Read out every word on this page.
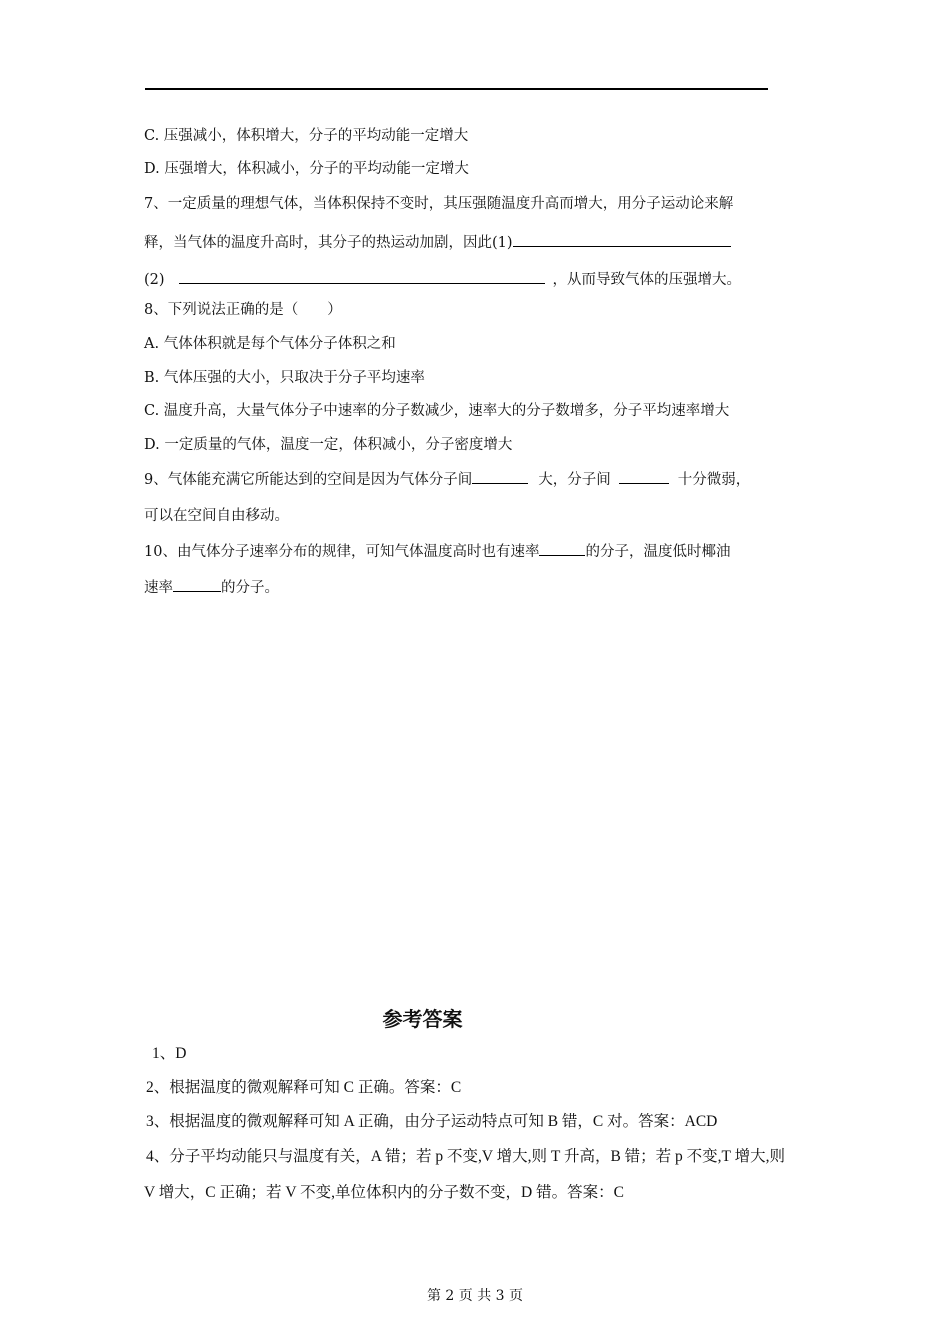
C. 压强减小，体积增大，分子的平均动能一定增大
D. 压强增大，体积减小，分子的平均动能一定增大
7、一定质量的理想气体，当体积保持不变时，其压强随温度升高而增大，用分子运动论来解
释，当气体的温度升高时，其分子的热运动加剧，因此(1)
(2)	，从而导致气体的压强增大。
8、下列说法正确的是（　　）
A. 气体体积就是每个气体分子体积之和
B. 气体压强的大小，只取决于分子平均速率
C. 温度升高，大量气体分子中速率的分子数减少，速率大的分子数增多，分子平均速率增大
D. 一定质量的气体，温度一定，体积减小，分子密度增大
9、气体能充满它所能达到的空间是因为气体分子间	大，分子间	十分微弱，
可以在空间自由移动。
10、由气体分子速率分布的规律，可知气体温度高时也有速率	的分子，温度低时椰油
速率	的分子。
参考答案
1、D
2、根据温度的微观解释可知 C 正确。答案：C
3、根据温度的微观解释可知 A 正确，由分子运动特点可知 B 错，C 对。答案：ACD
4、分子平均动能只与温度有关，A 错；若 p 不变,V 增大,则 T 升高，B 错；若 p 不变,T 增大,则
V 增大，C 正确；若 V 不变,单位体积内的分子数不变，D 错。答案：C
第 2 页 共 3 页
